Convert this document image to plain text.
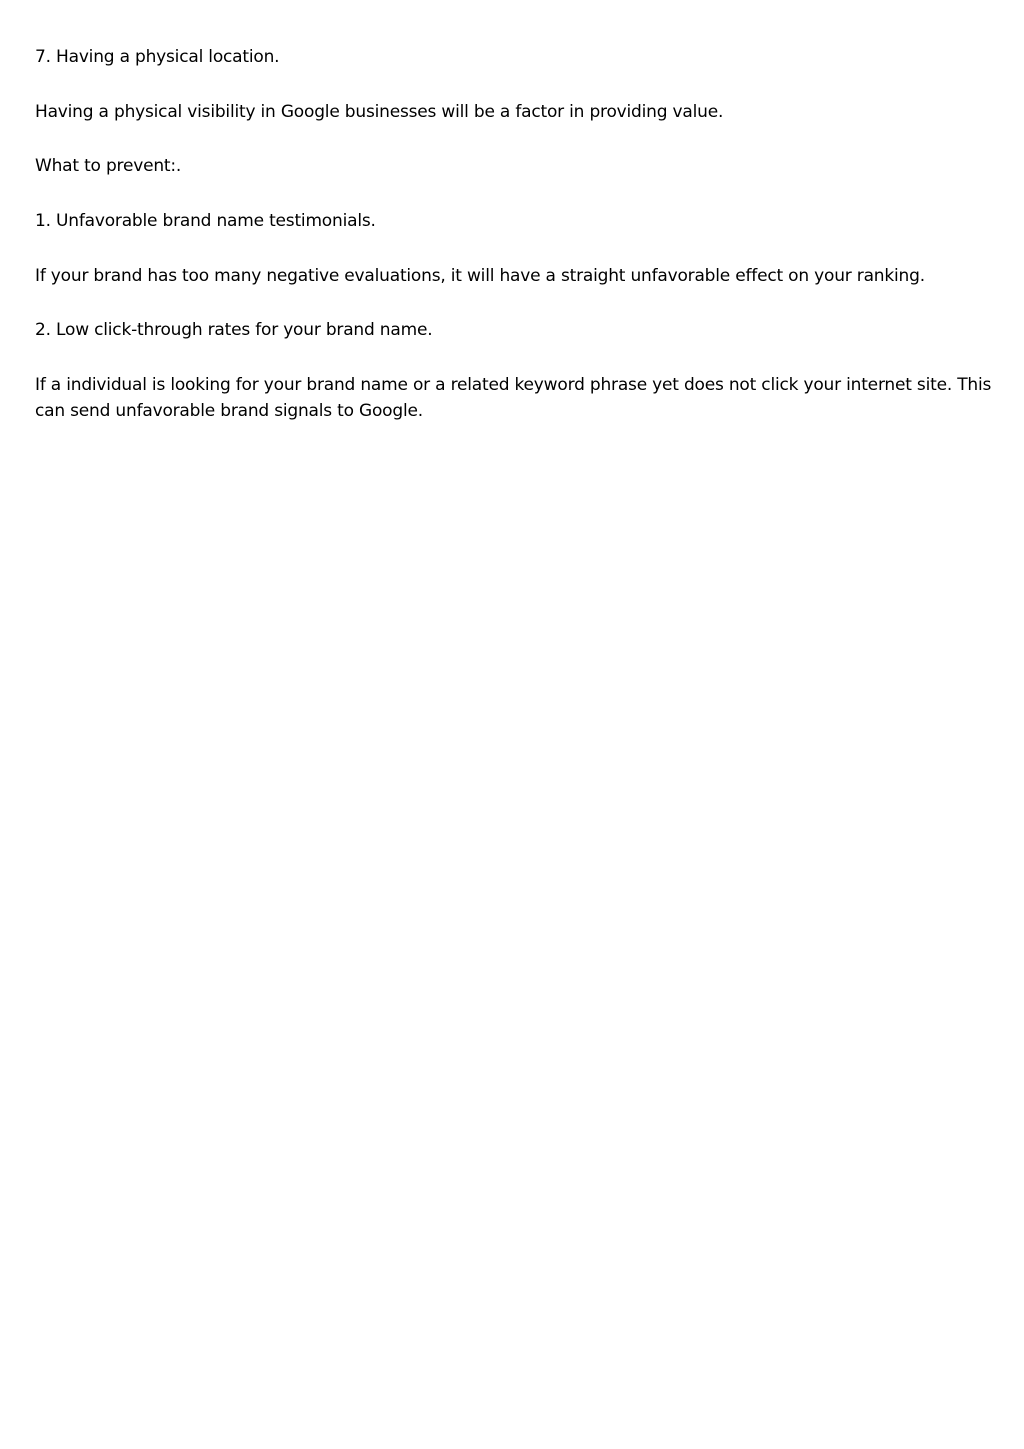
7. Having a physical location.

Having a physical visibility in Google businesses will be a factor in providing value.

What to prevent:.

1. Unfavorable brand name testimonials.

If your brand has too many negative evaluations, it will have a straight unfavorable effect on your ranking.

2. Low click-through rates for your brand name.

If a individual is looking for your brand name or a related keyword phrase yet does not click your internet site. This can send unfavorable brand signals to Google.
